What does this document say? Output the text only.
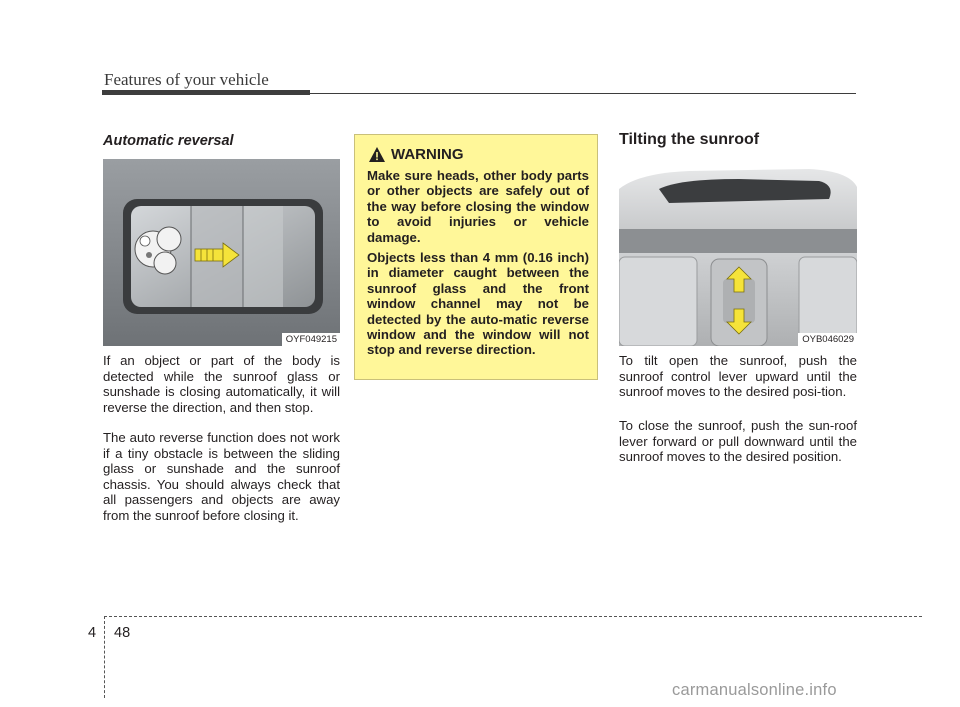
Features of your vehicle
Automatic reversal
OYF049215

If an object or part of the body is detected while the sunroof glass or sunshade is closing automatically, it will reverse the direction, and then stop.

The auto reverse function does not work if a tiny obstacle is between the sliding glass or sunshade and the sunroof chassis. You should always check that all passengers and objects are away from the sunroof before closing it.

WARNING

Make sure heads, other body parts or other objects are safely out of the way before closing the window to avoid injuries or vehicle damage.

Objects less than 4 mm (0.16 inch) in diameter caught between the sunroof glass and the front window channel may not be detected by the auto-matic reverse window and the window will not stop and reverse direction.

Tilting the sunroof
OYB046029

To tilt open the sunroof, push the sunroof control lever upward until the sunroof moves to the desired posi-tion.

To close the sunroof, push the sun-roof lever forward or pull downward until the sunroof moves to the desired position.

4 48
carmanualsonline.info
